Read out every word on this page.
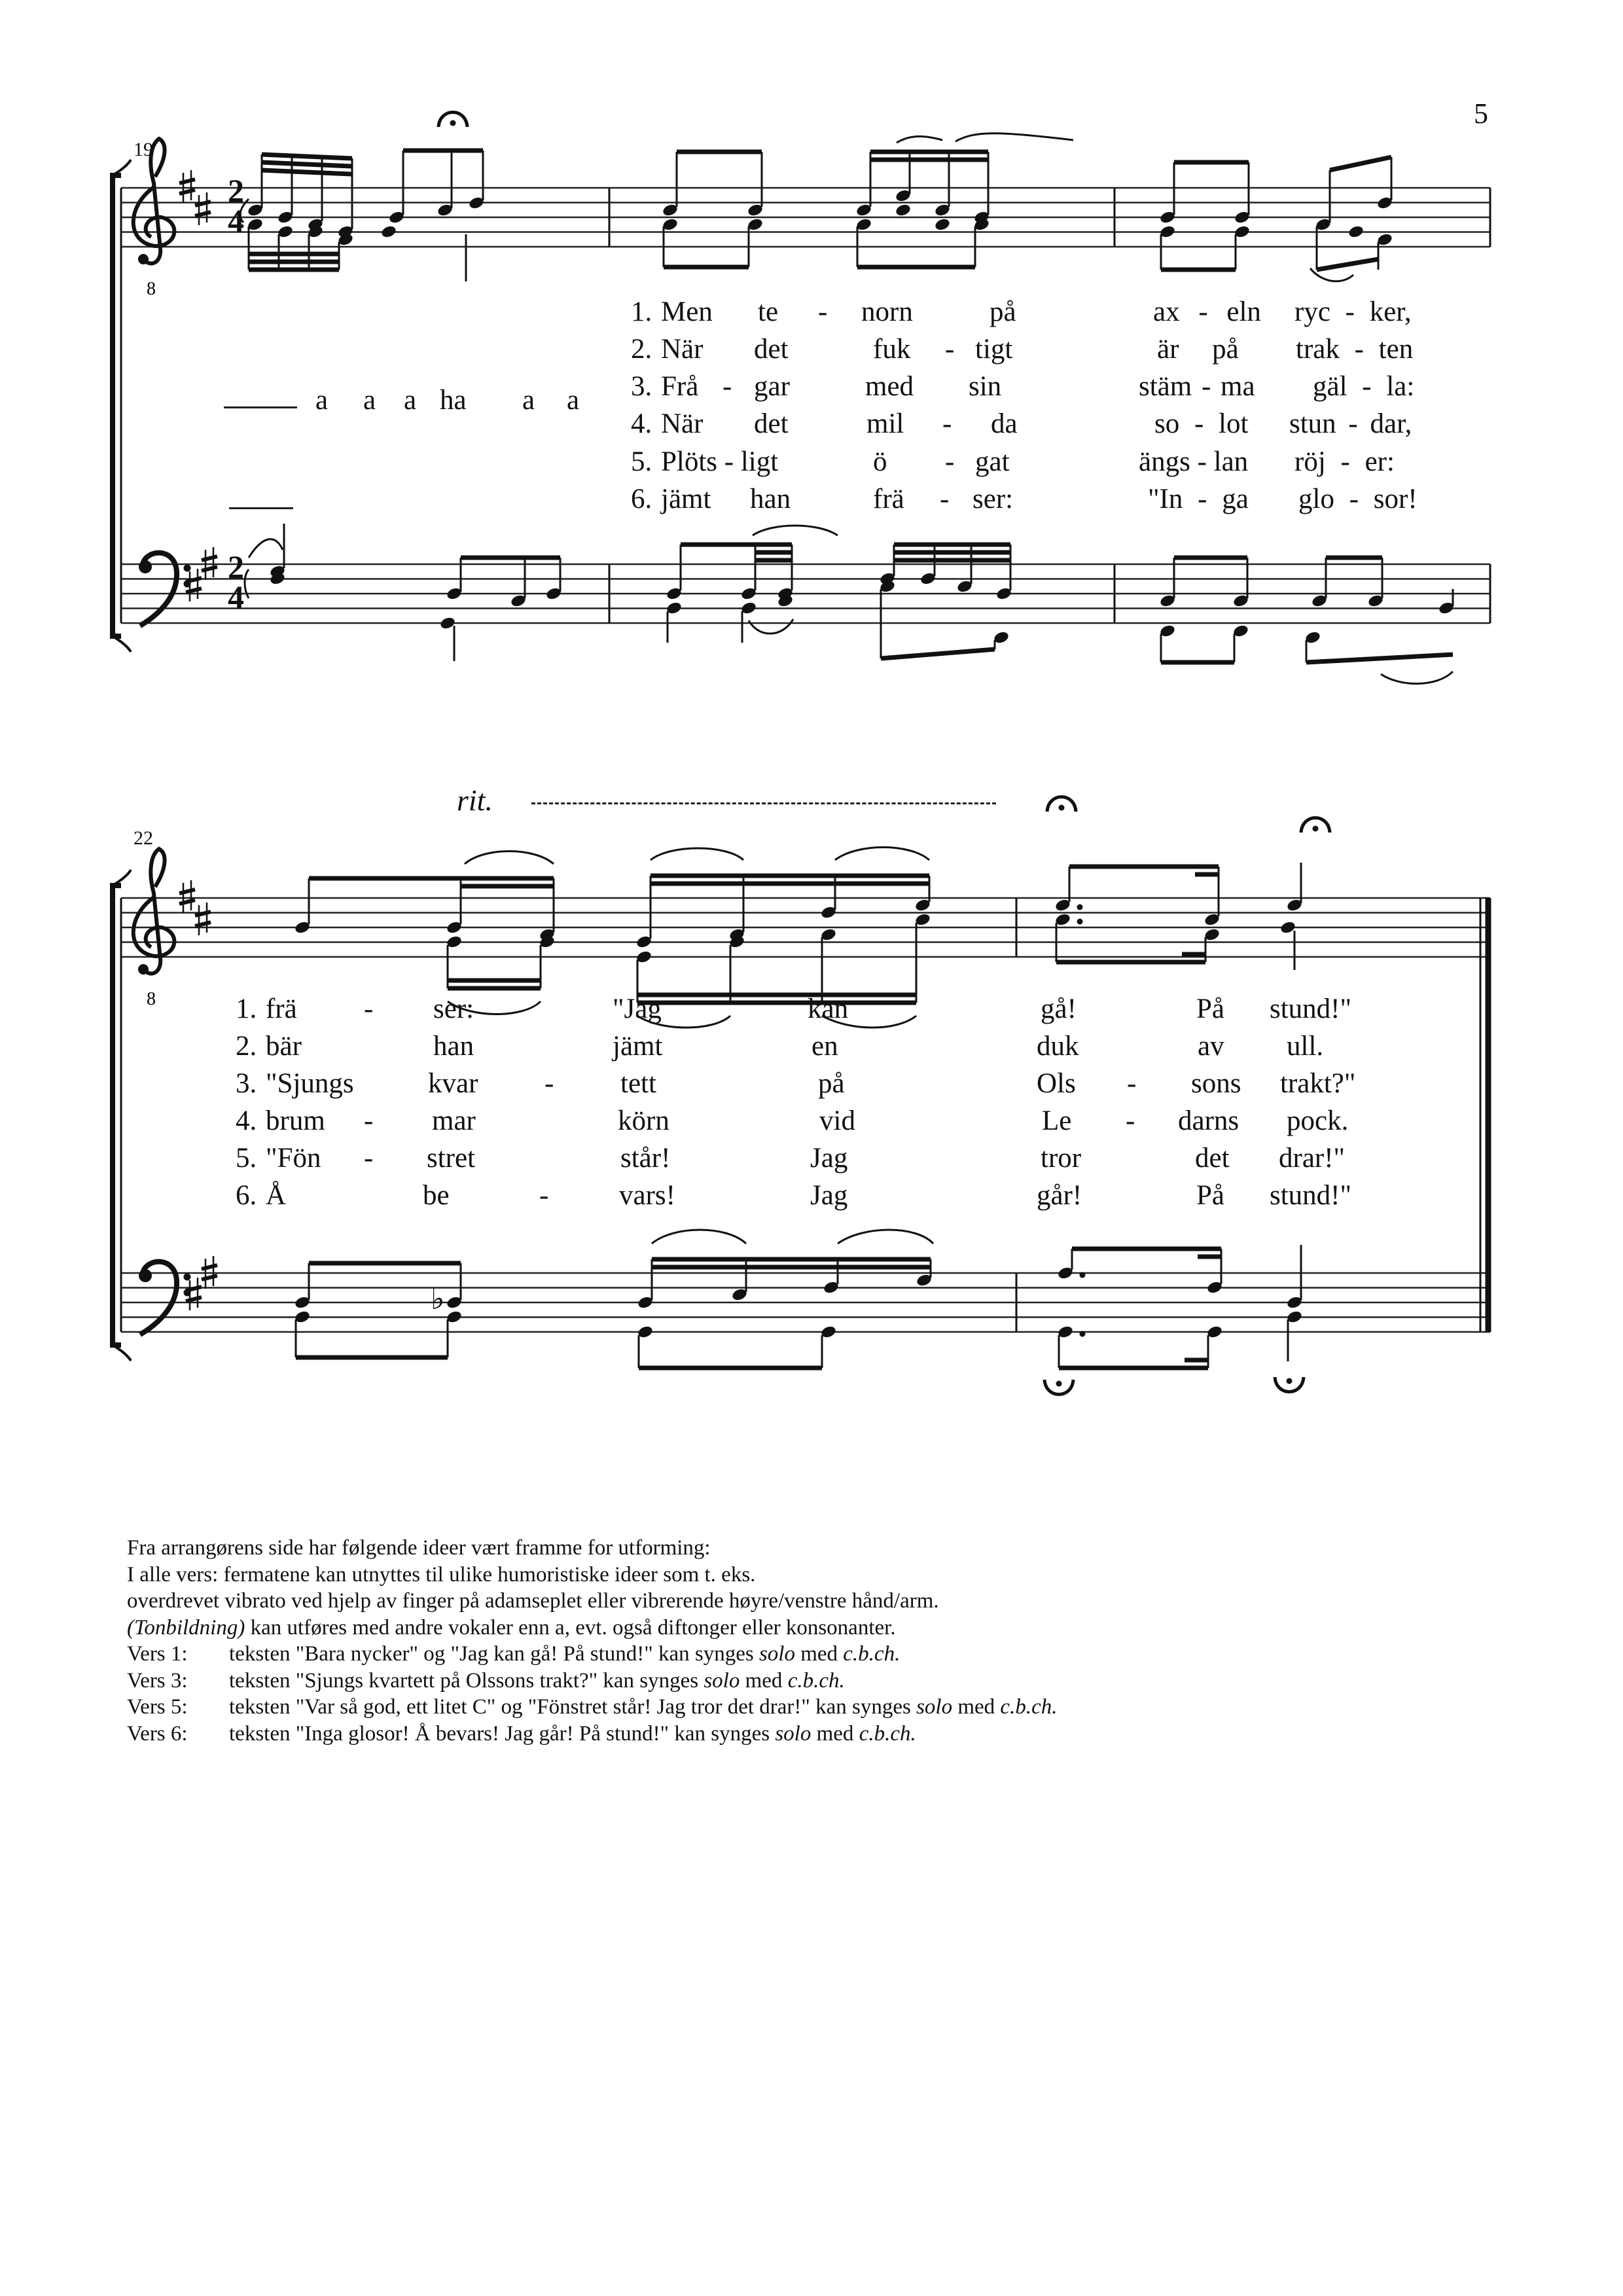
8
8
5
19
22
2
4
2
4
a a a ha a a
1. Men te - norn	på	ax - eln ryc - ker,
2. När det	fuk - tigt	är på trak - ten
3. Frå - gar	med sin	stäm - ma gäl - la:
4. När det	mil - da	so - lot stun - dar,
5. Plöts - ligt	ö - gat	ängs - lan röj - er:
6. jämt han	frä - ser:	"In - ga glo - sor!
rit.
♭
1. frä - ser:	"Jag	kan	gå!	På stund!"
2. bär	han	jämt	en	duk	av ull.
3. "Sjungs	kvar - tett	på	Ols - sons trakt?"
4. brum - mar	körn	vid	Le - darns pock.
5. "Fön - stret	står!	Jag	tror	det drar!"
6. Å	be	-	vars!	Jag	går!	På stund!"
Fra arrangørens side har følgende ideer vært framme for utforming:
I alle vers: fermatene kan utnyttes til ulike humoristiske ideer som t. eks.
overdrevet vibrato ved hjelp av finger på adamseplet eller vibrerende høyre/venstre hånd/arm.
(Tonbildning) kan utføres med andre vokaler enn a, evt. også diftonger eller konsonanter.
Vers 1: teksten "Bara nycker" og "Jag kan gå! På stund!" kan synges solo med c.b.ch.
Vers 3: teksten "Sjungs kvartett på Olssons trakt?" kan synges solo med c.b.ch.
Vers 5: teksten "Var så god, ett litet C" og "Fönstret står! Jag tror det drar!" kan synges solo med c.b.ch.
Vers 6: teksten "Inga glosor! Å bevars! Jag går! På stund!" kan synges solo med c.b.ch.
